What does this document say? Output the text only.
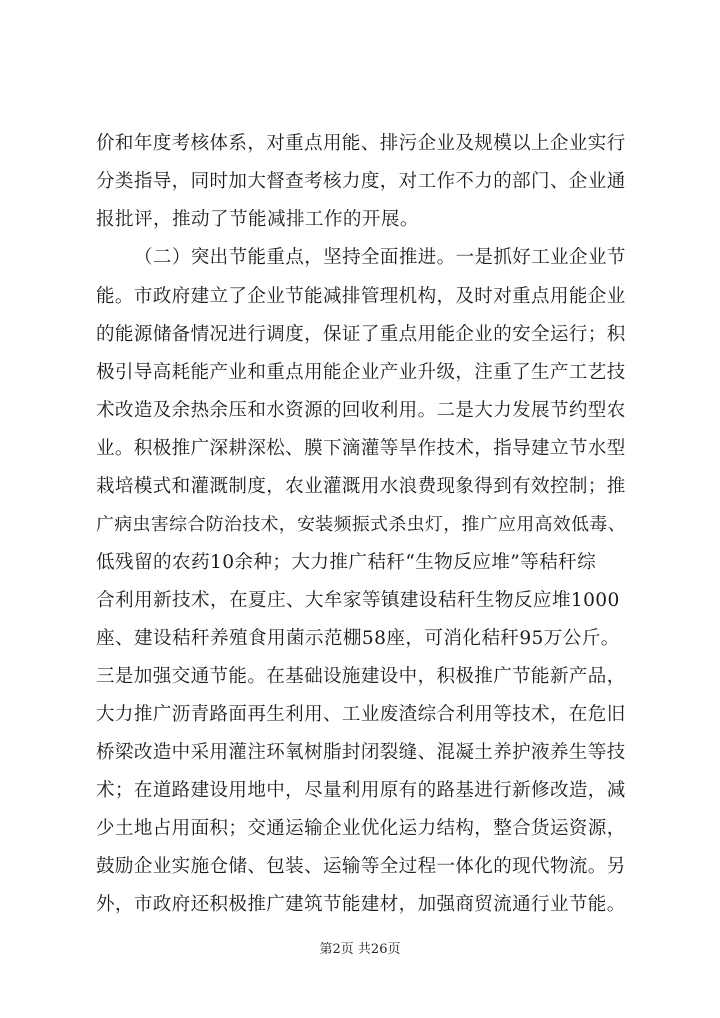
价和年度考核体系，对重点用能、排污企业及规模以上企业实行
分类指导，同时加大督查考核力度，对工作不力的部门、企业通
报批评，推动了节能减排工作的开展。
（二）突出节能重点，坚持全面推进。一是抓好工业企业节
能。市政府建立了企业节能减排管理机构，及时对重点用能企业
的能源储备情况进行调度，保证了重点用能企业的安全运行；积
极引导高耗能产业和重点用能企业产业升级，注重了生产工艺技
术改造及余热余压和水资源的回收利用。二是大力发展节约型农
业。积极推广深耕深松、膜下滴灌等旱作技术，指导建立节水型
栽培模式和灌溉制度，农业灌溉用水浪费现象得到有效控制；推
广病虫害综合防治技术，安装频振式杀虫灯，推广应用高效低毒、
低残留的农药10余种；大力推广秸秆“生物反应堆”等秸秆综
合利用新技术，在夏庄、大牟家等镇建设秸秆生物反应堆1000
座、建设秸秆养殖食用菌示范棚58座，可消化秸秆95万公斤。
三是加强交通节能。在基础设施建设中，积极推广节能新产品，
大力推广沥青路面再生利用、工业废渣综合利用等技术，在危旧
桥梁改造中采用灌注环氧树脂封闭裂缝、混凝土养护液养生等技
术；在道路建设用地中，尽量利用原有的路基进行新修改造，减
少土地占用面积；交通运输企业优化运力结构，整合货运资源，
鼓励企业实施仓储、包装、运输等全过程一体化的现代物流。另
外，市政府还积极推广建筑节能建材，加强商贸流通行业节能。
第2页 共26页
